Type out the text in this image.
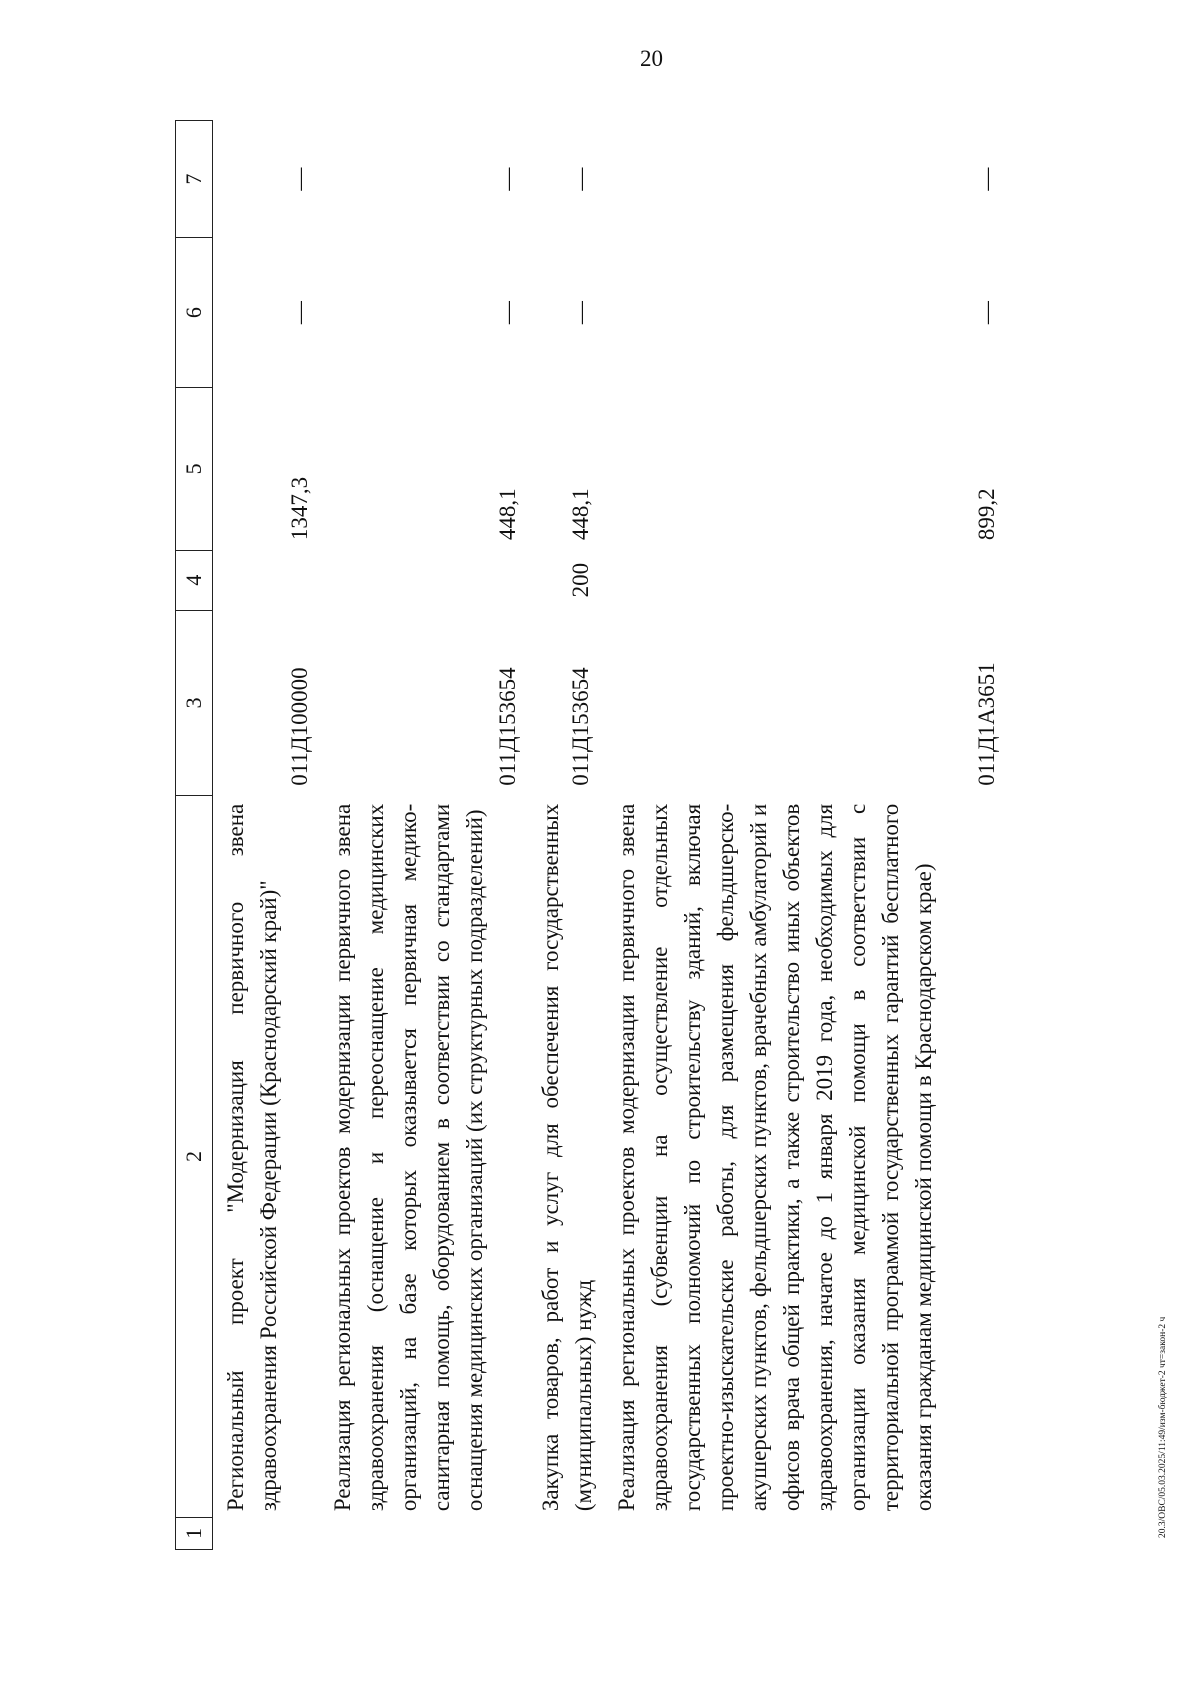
20
20.3/ОВС/05.03.2025/11:49/изм-бюджет-2 чт=закон-2 ч
1	2	3	4	5	6	7
	Региональный проект "Модернизация первичного звена здравоохранения Российской Федерации (Краснодарский край)"	011Д100000		1347,3	—	—
	Реализация региональных проектов модернизации первичного звена здравоохранения (оснащение и переоснащение медицинских организаций, на базе которых оказывается первичная медико-санитарная помощь, оборудованием в соответствии со стандартами оснащения медицинских организаций (их структурных подразделений)	011Д153654		448,1	—	—
	Закупка товаров, работ и услуг для обеспечения государственных (муниципальных) нужд	011Д153654	200	448,1	—	—
	Реализация региональных проектов модернизации первичного звена здравоохранения (субвенции на осуществление отдельных государственных полномочий по строительству зданий, включая проектно-изыскательские работы, для размещения фельдшерско-акушерских пунктов, фельдшерских пунктов, врачебных амбулаторий и офисов врача общей практики, а также строительство иных объектов здравоохранения, начатое до 1 января 2019 года, необходимых для организации оказания медицинской помощи в соответствии с территориальной программой государственных гарантий бесплатного оказания гражданам медицинской помощи в Краснодарском крае)	011Д1А3651		899,2	—	—
